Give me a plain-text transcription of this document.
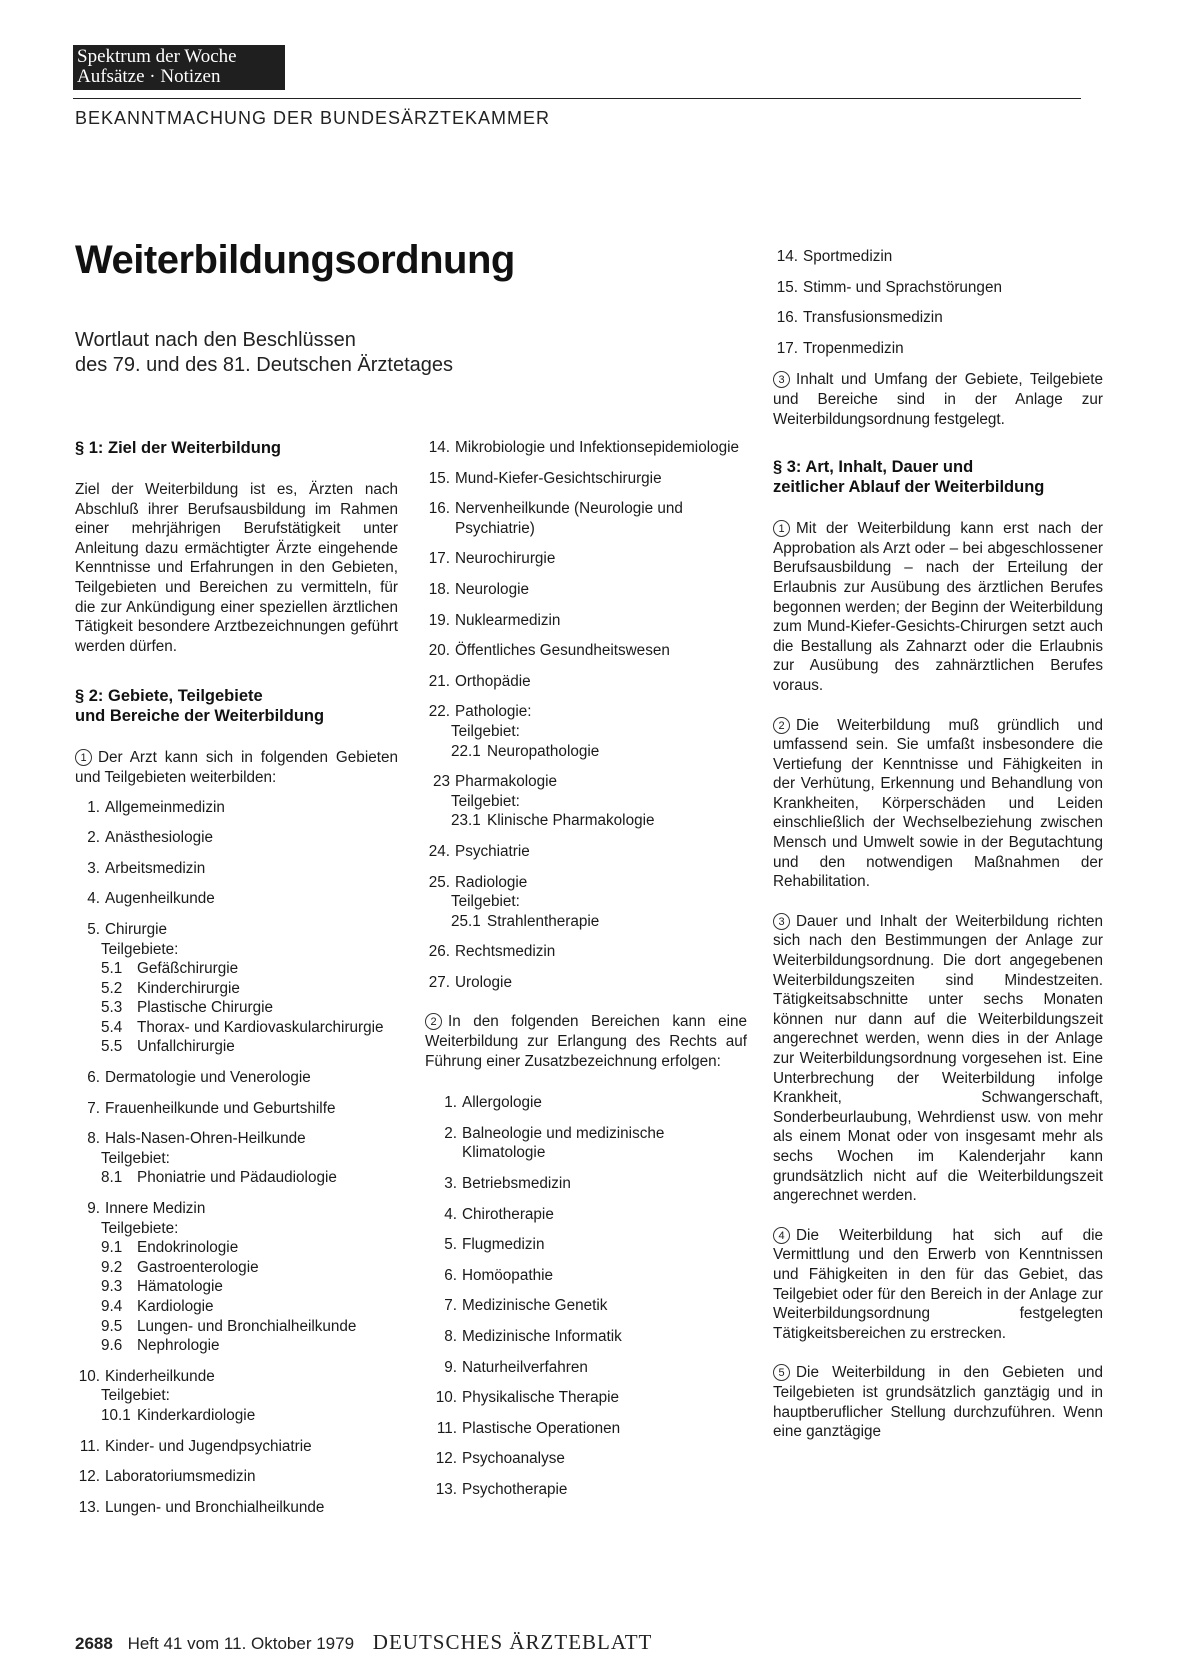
Spektrum der Woche
Aufsätze · Notizen
BEKANNTMACHUNG DER BUNDESÄRZTEKAMMER
Weiterbildungsordnung
Wortlaut nach den Beschlüssen
des 79. und des 81. Deutschen Ärztetages
§ 1: Ziel der Weiterbildung
Ziel der Weiterbildung ist es, Ärzten nach Abschluß ihrer Berufsausbildung im Rahmen einer mehrjährigen Berufstätigkeit unter Anleitung dazu ermächtigter Ärzte eingehende Kenntnisse und Erfahrungen in den Gebieten, Teilgebieten und Bereichen zu vermitteln, für die zur Ankündigung einer speziellen ärztlichen Tätigkeit besondere Arztbezeichnungen geführt werden dürfen.
§ 2: Gebiete, Teilgebiete
und Bereiche der Weiterbildung
1 Der Arzt kann sich in folgenden Gebieten und Teilgebieten weiterbilden:
1. Allgemeinmedizin
2. Anästhesiologie
3. Arbeitsmedizin
4. Augenheilkunde
5. Chirurgie
Teilgebiete:
5.1 Gefäßchirurgie
5.2 Kinderchirurgie
5.3 Plastische Chirurgie
5.4 Thorax- und Kardiovaskularchirurgie
5.5 Unfallchirurgie
6. Dermatologie und Venerologie
7. Frauenheilkunde und Geburtshilfe
8. Hals-Nasen-Ohren-Heilkunde
Teilgebiet:
8.1 Phoniatrie und Pädaudiologie
9. Innere Medizin
Teilgebiete:
9.1 Endokrinologie
9.2 Gastroenterologie
9.3 Hämatologie
9.4 Kardiologie
9.5 Lungen- und Bronchialheilkunde
9.6 Nephrologie
10. Kinderheilkunde
Teilgebiet:
10.1 Kinderkardiologie
11. Kinder- und Jugendpsychiatrie
12. Laboratoriumsmedizin
13. Lungen- und Bronchialheilkunde
14. Mikrobiologie und Infektionsepidemiologie
15. Mund-Kiefer-Gesichtschirurgie
16. Nervenheilkunde (Neurologie und Psychiatrie)
17. Neurochirurgie
18. Neurologie
19. Nuklearmedizin
20. Öffentliches Gesundheitswesen
21. Orthopädie
22. Pathologie:
Teilgebiet:
22.1 Neuropathologie
23 Pharmakologie
Teilgebiet:
23.1 Klinische Pharmakologie
24. Psychiatrie
25. Radiologie
Teilgebiet:
25.1 Strahlentherapie
26. Rechtsmedizin
27. Urologie
2 In den folgenden Bereichen kann eine Weiterbildung zur Erlangung des Rechts auf Führung einer Zusatzbezeichnung erfolgen:
1. Allergologie
2. Balneologie und medizinische Klimatologie
3. Betriebsmedizin
4. Chirotherapie
5. Flugmedizin
6. Homöopathie
7. Medizinische Genetik
8. Medizinische Informatik
9. Naturheilverfahren
10. Physikalische Therapie
11. Plastische Operationen
12. Psychoanalyse
13. Psychotherapie
14. Sportmedizin
15. Stimm- und Sprachstörungen
16. Transfusionsmedizin
17. Tropenmedizin
3 Inhalt und Umfang der Gebiete, Teilgebiete und Bereiche sind in der Anlage zur Weiterbildungsordnung festgelegt.
§ 3: Art, Inhalt, Dauer und
zeitlicher Ablauf der Weiterbildung
1 Mit der Weiterbildung kann erst nach der Approbation als Arzt oder – bei abgeschlossener Berufsausbildung – nach der Erteilung der Erlaubnis zur Ausübung des ärztlichen Berufes begonnen werden; der Beginn der Weiterbildung zum Mund-Kiefer-Gesichts-Chirurgen setzt auch die Bestallung als Zahnarzt oder die Erlaubnis zur Ausübung des zahnärztlichen Berufes voraus.
2 Die Weiterbildung muß gründlich und umfassend sein. Sie umfaßt insbesondere die Vertiefung der Kenntnisse und Fähigkeiten in der Verhütung, Erkennung und Behandlung von Krankheiten, Körperschäden und Leiden einschließlich der Wechselbeziehung zwischen Mensch und Umwelt sowie in der Begutachtung und den notwendigen Maßnahmen der Rehabilitation.
3 Dauer und Inhalt der Weiterbildung richten sich nach den Bestimmungen der Anlage zur Weiterbildungsordnung. Die dort angegebenen Weiterbildungszeiten sind Mindestzeiten. Tätigkeitsabschnitte unter sechs Monaten können nur dann auf die Weiterbildungszeit angerechnet werden, wenn dies in der Anlage zur Weiterbildungsordnung vorgesehen ist. Eine Unterbrechung der Weiterbildung infolge Krankheit, Schwangerschaft, Sonderbeurlaubung, Wehrdienst usw. von mehr als einem Monat oder von insgesamt mehr als sechs Wochen im Kalenderjahr kann grundsätzlich nicht auf die Weiterbildungszeit angerechnet werden.
4 Die Weiterbildung hat sich auf die Vermittlung und den Erwerb von Kenntnissen und Fähigkeiten in den für das Gebiet, das Teilgebiet oder für den Bereich in der Anlage zur Weiterbildungsordnung festgelegten Tätigkeitsbereichen zu erstrecken.
5 Die Weiterbildung in den Gebieten und Teilgebieten ist grundsätzlich ganztägig und in hauptberuflicher Stellung durchzuführen. Wenn eine ganztägige
2688 Heft 41 vom 11. Oktober 1979 DEUTSCHES ÄRZTEBLATT
